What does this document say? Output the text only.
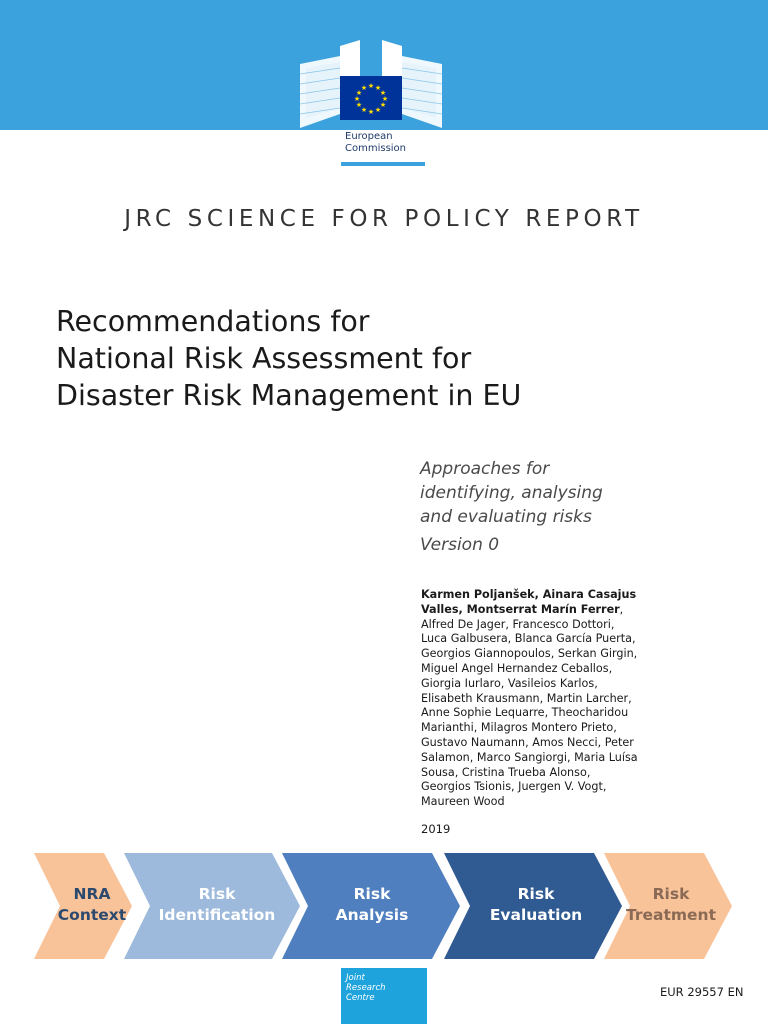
★ ★
★
★
★
★
★
★
★
★
★
★
European
Commission
JRC SCIENCE FOR POLICY REPORT
Recommendations for
National Risk Assessment for
Disaster Risk Management in EU
Approaches for
identifying, analysing
and evaluating risks
Version 0
Karmen Poljanšek, Ainara Casajus
Valles, Montserrat Marín Ferrer,
Alfred De Jager, Francesco Dottori,
Luca Galbusera, Blanca García Puerta,
Georgios Giannopoulos, Serkan Girgin,
Miguel Angel Hernandez Ceballos,
Giorgia Iurlaro, Vasileios Karlos,
Elisabeth Krausmann, Martin Larcher,
Anne Sophie Lequarre, Theocharidou
Marianthi, Milagros Montero Prieto,
Gustavo Naumann, Amos Necci, Peter
Salamon, Marco Sangiorgi, Maria Luísa
Sousa, Cristina Trueba Alonso,
Georgios Tsionis, Juergen V. Vogt,
Maureen Wood
2019
NRA
Context
Risk
Identification
Risk
Analysis
Risk
Evaluation
Risk
Treatment
Joint
Research
Centre	EUR 29557 EN
